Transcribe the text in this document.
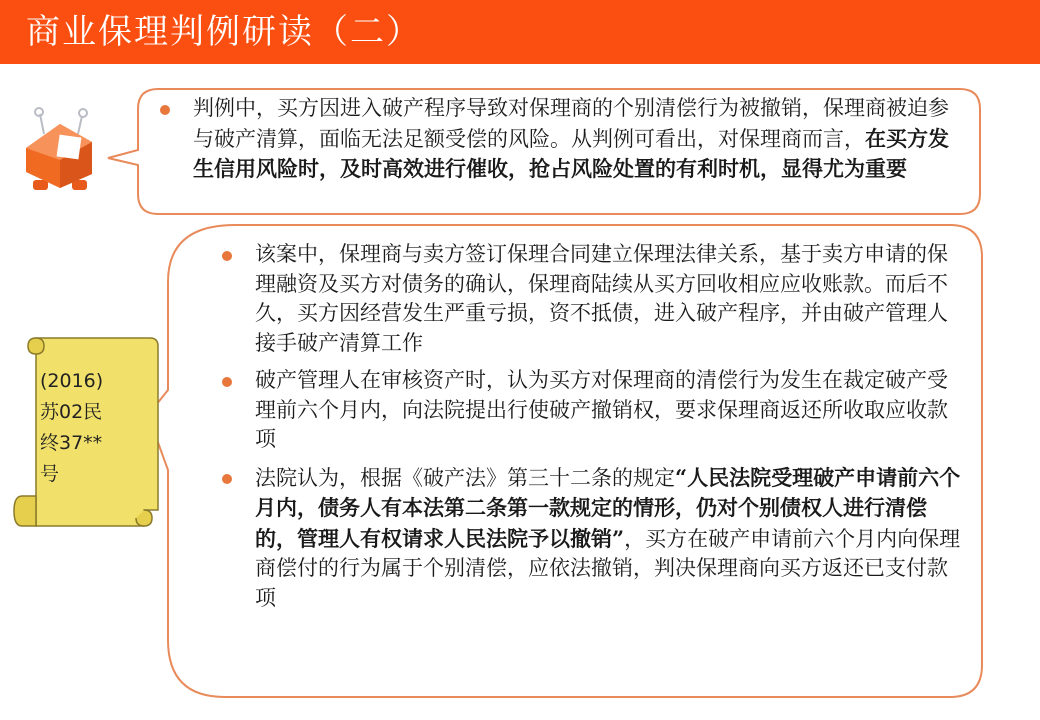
商业保理判例研读（二）
(2016)
苏02民
终37**
号
判例中，买方因进入破产程序导致对保理商的个别清偿行为被撤销，保理商被迫参与破产清算，面临无法足额受偿的风险。从判例可看出，对保理商而言，在买方发生信用风险时，及时高效进行催收，抢占风险处置的有利时机，显得尤为重要
该案中，保理商与卖方签订保理合同建立保理法律关系，基于卖方申请的保理融资及买方对债务的确认，保理商陆续从买方回收相应应收账款。而后不久，买方因经营发生严重亏损，资不抵债，进入破产程序，并由破产管理人接手破产清算工作
破产管理人在审核资产时，认为买方对保理商的清偿行为发生在裁定破产受理前六个月内，向法院提出行使破产撤销权，要求保理商返还所收取应收款项
法院认为，根据《破产法》第三十二条的规定“人民法院受理破产申请前六个月内，债务人有本法第二条第一款规定的情形，仍对个别债权人进行清偿的，管理人有权请求人民法院予以撤销”，买方在破产申请前六个月内向保理商偿付的行为属于个别清偿，应依法撤销，判决保理商向买方返还已支付款项
